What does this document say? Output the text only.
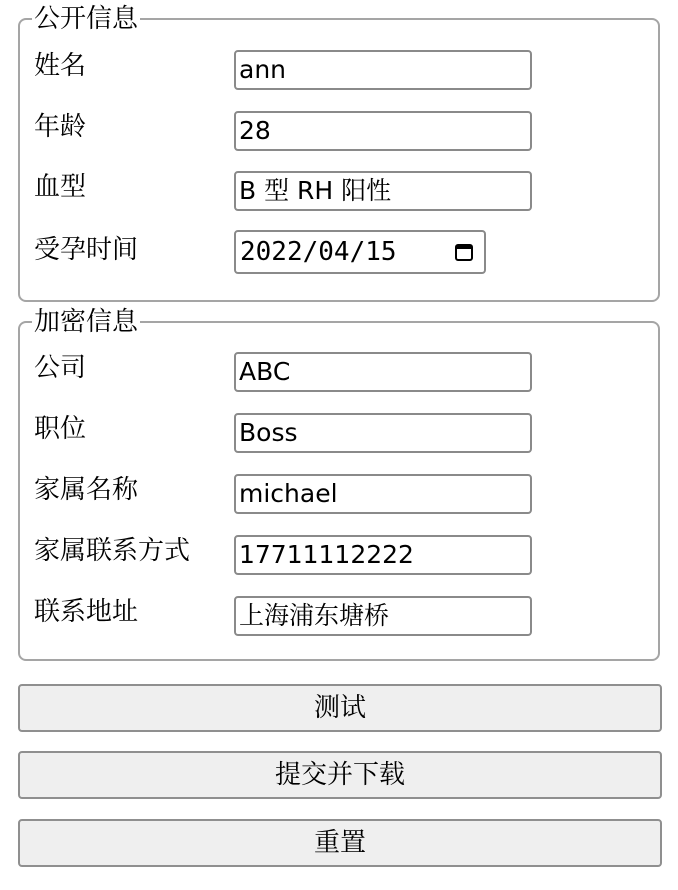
公开信息
姓名	ann
年龄	28
血型	B 型 RH 阳性
受孕时间	2022/04/15
加密信息
公司	ABC
职位	Boss
家属名称	michael
家属联系方式 17711112222
联系地址	上海浦东塘桥
测试
提交并下载
重置
